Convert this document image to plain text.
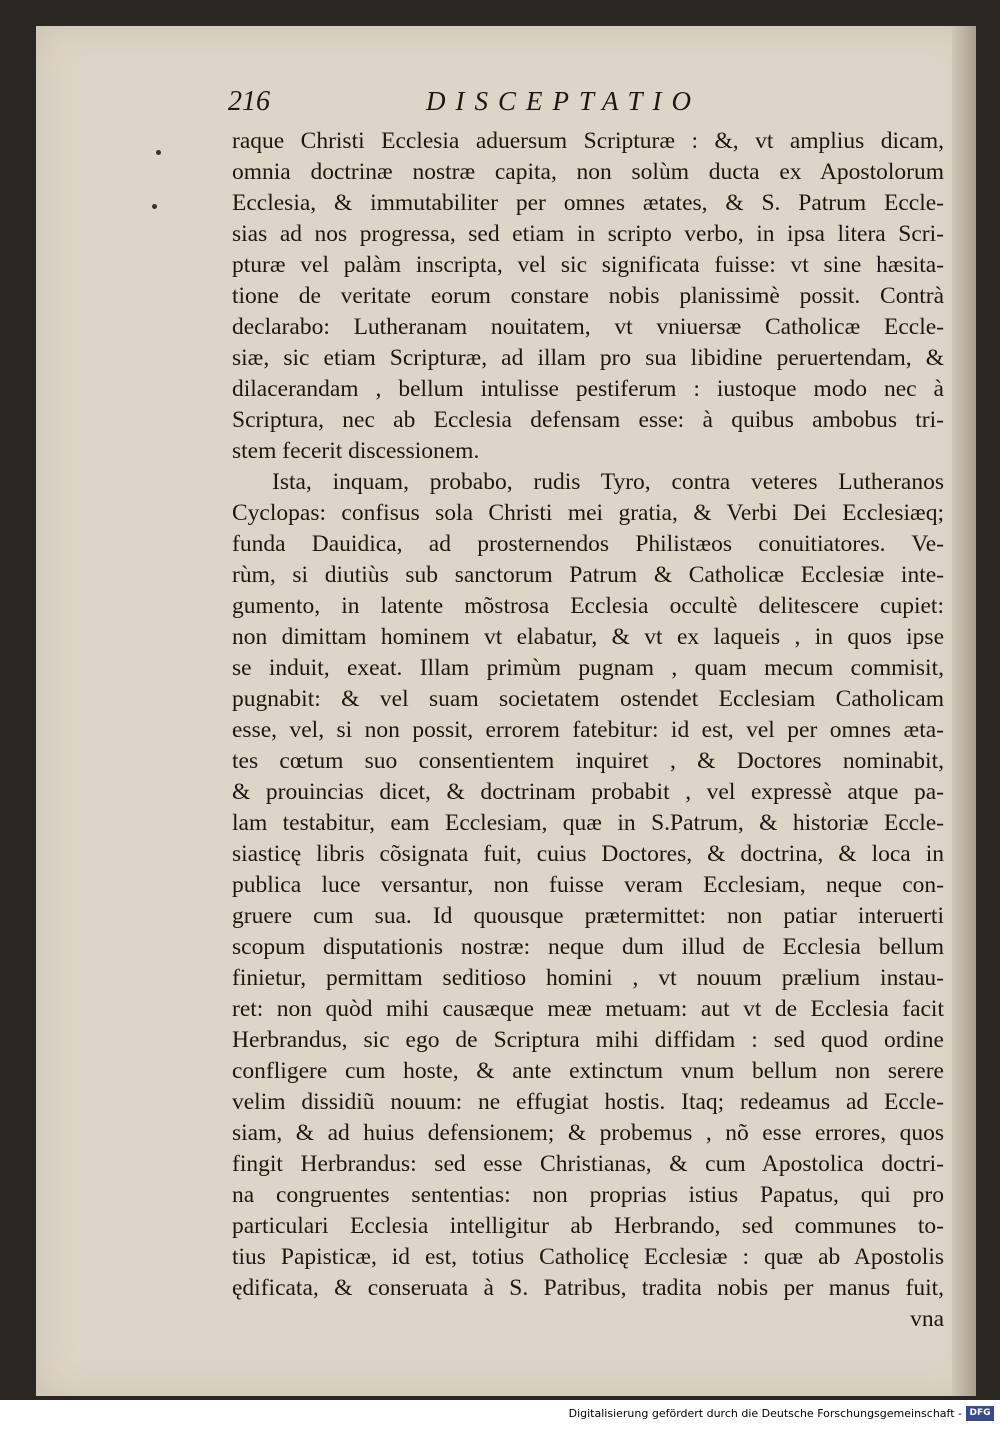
216	DISCEPTATIO
raque Christi Ecclesia aduersum Scripturæ : &, vt amplius dicam,
omnia doctrinæ nostræ capita, non solùm ducta ex Apostolorum
Ecclesia, & immutabiliter per omnes ætates, & S. Patrum Eccle-
sias ad nos progressa, sed etiam in scripto verbo, in ipsa litera Scri-
pturæ vel palàm inscripta, vel sic significata fuisse: vt sine hæsita-
tione de veritate eorum constare nobis planissimè possit. Contrà
declarabo: Lutheranam nouitatem, vt vniuersæ Catholicæ Eccle-
siæ, sic etiam Scripturæ, ad illam pro sua libidine peruertendam, &
dilacerandam , bellum intulisse pestiferum : iustoque modo nec à
Scriptura, nec ab Ecclesia defensam esse: à quibus ambobus tri-
stem fecerit discessionem.
Ista, inquam, probabo, rudis Tyro, contra veteres Lutheranos
Cyclopas: confisus sola Christi mei gratia, & Verbi Dei Ecclesiæq;
funda Dauidica, ad prosternendos Philistæos conuitiatores. Ve-
rùm, si diutiùs sub sanctorum Patrum & Catholicæ Ecclesiæ inte-
gumento, in latente mõstrosa Ecclesia occultè delitescere cupiet:
non dimittam hominem vt elabatur, & vt ex laqueis , in quos ipse
se induit, exeat. Illam primùm pugnam , quam mecum commisit,
pugnabit: & vel suam societatem ostendet Ecclesiam Catholicam
esse, vel, si non possit, errorem fatebitur: id est, vel per omnes æta-
tes cœtum suo consentientem inquiret , & Doctores nominabit,
& prouincias dicet, & doctrinam probabit , vel expressè atque pa-
lam testabitur, eam Ecclesiam, quæ in S.Patrum, & historiæ Eccle-
siasticę libris cõsignata fuit, cuius Doctores, & doctrina, & loca in
publica luce versantur, non fuisse veram Ecclesiam, neque con-
gruere cum sua. Id quousque prætermittet: non patiar interuerti
scopum disputationis nostræ: neque dum illud de Ecclesia bellum
finietur, permittam seditioso homini , vt nouum prælium instau-
ret: non quòd mihi causæque meæ metuam: aut vt de Ecclesia facit
Herbrandus, sic ego de Scriptura mihi diffidam : sed quod ordine
confligere cum hoste, & ante extinctum vnum bellum non serere
velim dissidiũ nouum: ne effugiat hostis. Itaq; redeamus ad Eccle-
siam, & ad huius defensionem; & probemus , nõ esse errores, quos
fingit Herbrandus: sed esse Christianas, & cum Apostolica doctri-
na congruentes sententias: non proprias istius Papatus, qui pro
particulari Ecclesia intelligitur ab Herbrando, sed communes to-
tius Papisticæ, id est, totius Catholicę Ecclesiæ : quæ ab Apostolis
ędificata, & conseruata à S. Patribus, tradita nobis per manus fuit,
vna
Digitalisierung gefördert durch die Deutsche Forschungsgemeinschaft - DFG
